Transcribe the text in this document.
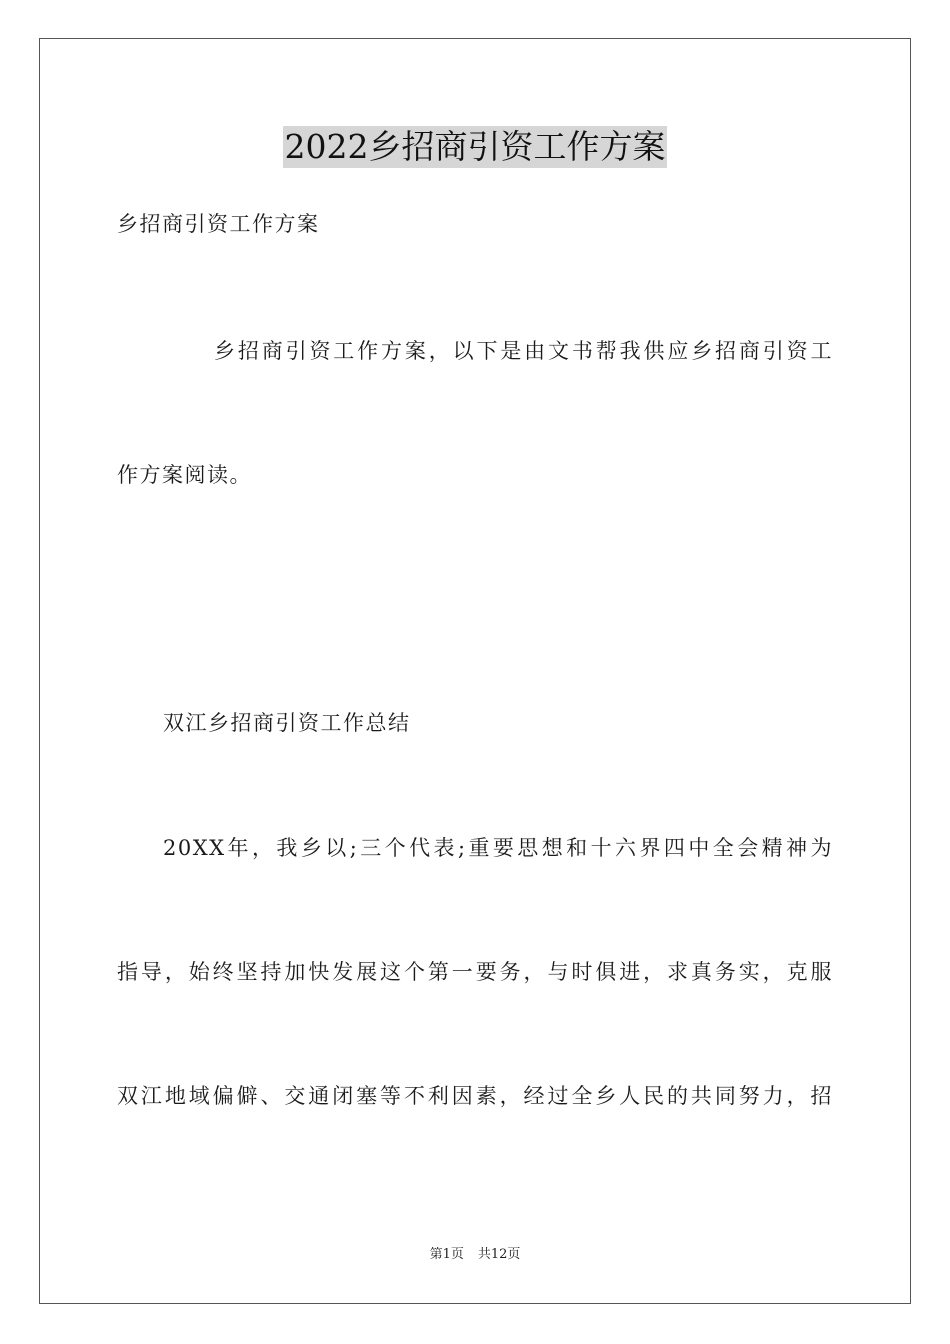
2022乡招商引资工作方案
乡招商引资工作方案
乡招商引资工作方案，以下是由文书帮我供应乡招商引资工
作方案阅读。
双江乡招商引资工作总结
20XX年，我乡以;三个代表;重要思想和十六界四中全会精神为
指导，始终坚持加快发展这个第一要务，与时俱进，求真务实，克服
双江地域偏僻、交通闭塞等不利因素，经过全乡人民的共同努力，招
第1页 共12页
